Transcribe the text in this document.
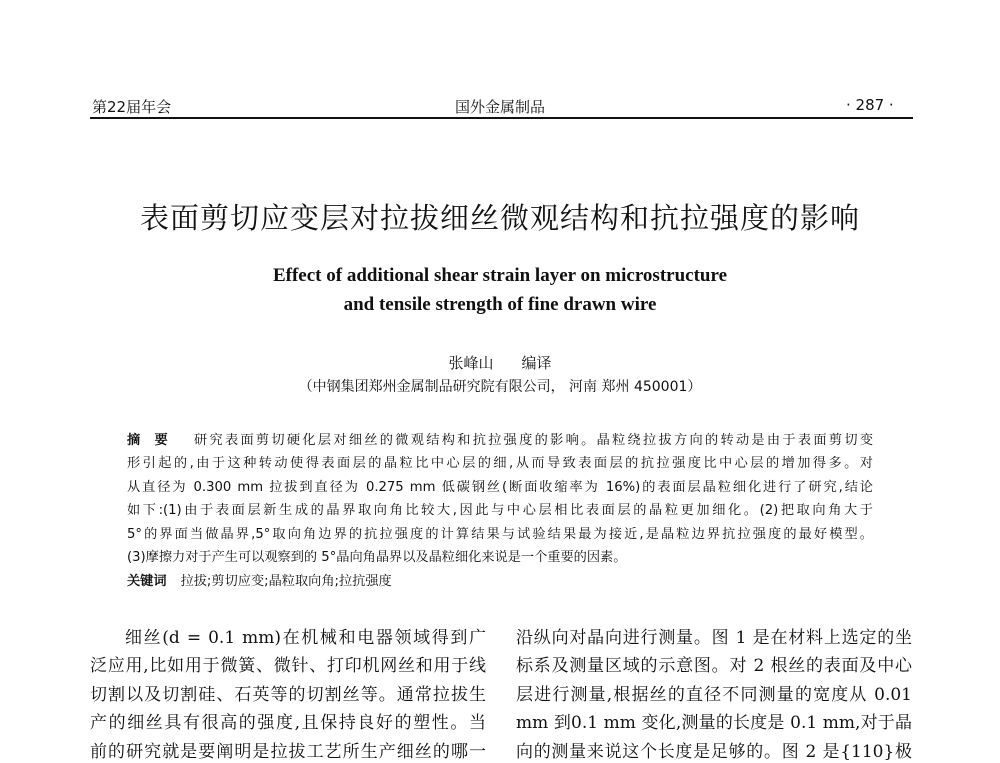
第22届年会	国外金属制品	· 287 ·
表面剪切应变层对拉拔细丝微观结构和抗拉强度的影响
Effect of additional shear strain layer on microstructure
and tensile strength of fine drawn wire
张峰山 编译
（中钢集团郑州金属制品研究院有限公司， 河南 郑州 450001）
摘要 研究表面剪切硬化层对细丝的微观结构和抗拉强度的影响。晶粒绕拉拔方向的转动是由于表面剪切变
形引起的,由于这种转动使得表面层的晶粒比中心层的细,从而导致表面层的抗拉强度比中心层的增加得多。对
从直径为 0.300 mm 拉拔到直径为 0.275 mm 低碳钢丝(断面收缩率为 16%)的表面层晶粒细化进行了研究,结论
如下:(1)由于表面层新生成的晶界取向角比较大,因此与中心层相比表面层的晶粒更加细化。(2)把取向角大于
5°的界面当做晶界,5°取向角边界的抗拉强度的计算结果与试验结果最为接近,是晶粒边界抗拉强度的最好模型。
(3)摩擦力对于产生可以观察到的 5°晶向角晶界以及晶粒细化来说是一个重要的因素。
关键词 拉拔;剪切应变;晶粒取向角;拉抗强度
细丝(d = 0.1 mm)在机械和电器领域得到广
泛应用,比如用于微簧、微针、打印机网丝和用于线
切割以及切割硅、石英等的切割丝等。通常拉拔生
产的细丝具有很高的强度,且保持良好的塑性。当
前的研究就是要阐明是拉拔工艺所生产细丝的哪一
沿纵向对晶向进行测量。图 1 是在材料上选定的坐
标系及测量区域的示意图。对 2 根丝的表面及中心
层进行测量,根据丝的直径不同测量的宽度从 0.01
mm 到0.1 mm 变化,测量的长度是 0.1 mm,对于晶
向的测量来说这个长度是足够的。图 2 是{110}极
